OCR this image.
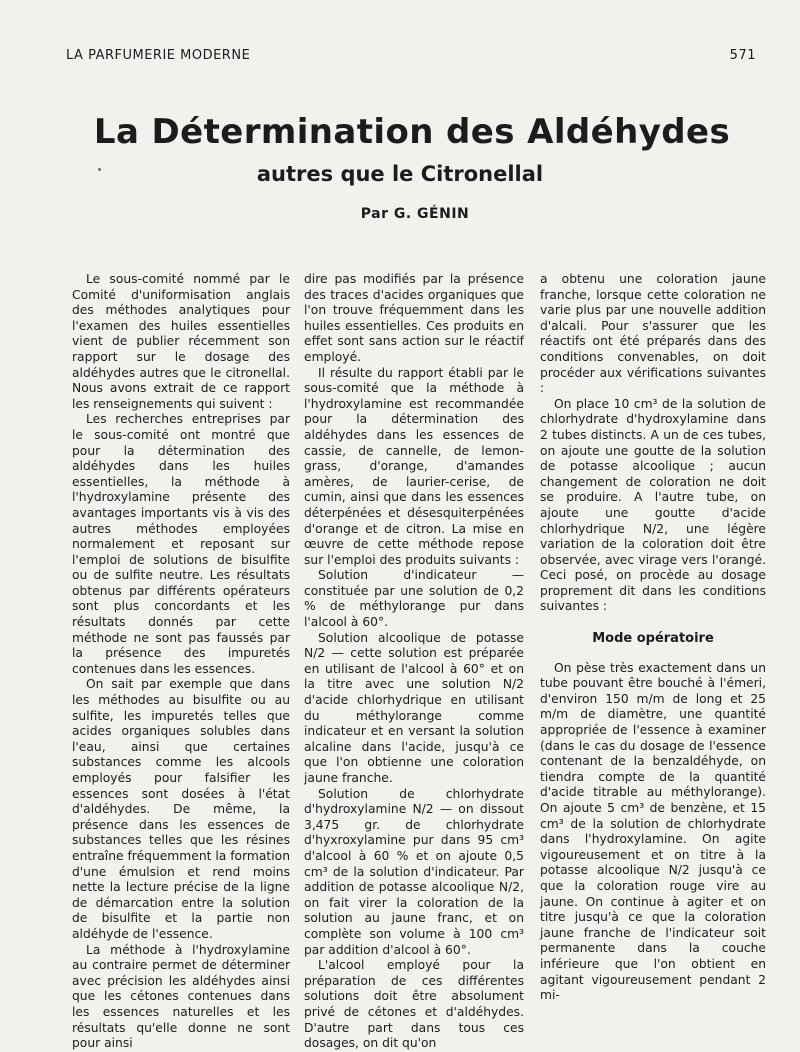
LA PARFUMERIE MODERNE	571
La Détermination des Aldéhydes
autres que le Citronellal
Par G. GÉNIN

Le sous-comité nommé par le Comité d'uniformisation anglais des méthodes analytiques pour l'examen des huiles essentielles vient de publier récemment son rapport sur le dosage des aldéhydes autres que le citronellal. Nous avons extrait de ce rapport les renseignements qui suivent :

Les recherches entreprises par le sous-comité ont montré que pour la détermination des aldéhydes dans les huiles essentielles, la méthode à l'hydroxylamine présente des avantages importants vis à vis des autres méthodes employées normalement et reposant sur l'emploi de solutions de bisulfite ou de sulfite neutre. Les résultats obtenus par différents opérateurs sont plus concordants et les résultats donnés par cette méthode ne sont pas faussés par la présence des impuretés contenues dans les essences.

On sait par exemple que dans les méthodes au bisulfite ou au sulfite, les impuretés telles que acides organiques solubles dans l'eau, ainsi que certaines substances comme les alcools employés pour falsifier les essences sont dosées à l'état d'aldéhydes. De même, la présence dans les essences de substances telles que les résines entraîne fréquemment la formation d'une émulsion et rend moins nette la lecture précise de la ligne de démarcation entre la solution de bisulfite et la partie non aldéhyde de l'essence.

La méthode à l'hydroxylamine au contraire permet de déterminer avec précision les aldéhydes ainsi que les cétones contenues dans les essences naturelles et les résultats qu'elle donne ne sont pour ainsi

dire pas modifiés par la présence des traces d'acides organiques que l'on trouve fréquemment dans les huiles essentielles. Ces produits en effet sont sans action sur le réactif employé.

Il résulte du rapport établi par le sous-comité que la méthode à l'hydroxylamine est recommandée pour la détermination des aldéhydes dans les essences de cassie, de cannelle, de lemon-grass, d'orange, d'amandes amères, de laurier-cerise, de cumin, ainsi que dans les essences déterpénées et désesquiterpénées d'orange et de citron. La mise en œuvre de cette méthode repose sur l'emploi des produits suivants :

Solution d'indicateur — constituée par une solution de 0,2 % de méthylorange pur dans l'alcool à 60°.

Solution alcoolique de potasse N/2 — cette solution est préparée en utilisant de l'alcool à 60° et on la titre avec une solution N/2 d'acide chlorhydrique en utilisant du méthylorange comme indicateur et en versant la solution alcaline dans l'acide, jusqu'à ce que l'on obtienne une coloration jaune franche.

Solution de chlorhydrate d'hydroxylamine N/2 — on dissout 3,475 gr. de chlorhydrate d'hyxroxylamine pur dans 95 cm³ d'alcool à 60 % et on ajoute 0,5 cm³ de la solution d'indicateur. Par addition de potasse alcoolique N/2, on fait virer la coloration de la solution au jaune franc, et on complète son volume à 100 cm³ par addition d'alcool à 60°.

L'alcool employé pour la préparation de ces différentes solutions doit être absolument privé de cétones et d'aldéhydes. D'autre part dans tous ces dosages, on dit qu'on

a obtenu une coloration jaune franche, lorsque cette coloration ne varie plus par une nouvelle addition d'alcali. Pour s'assurer que les réactifs ont été préparés dans des conditions convenables, on doit procéder aux vérifications suivantes :

On place 10 cm³ de la solution de chlorhydrate d'hydroxylamine dans 2 tubes distincts. A un de ces tubes, on ajoute une goutte de la solution de potasse alcoolique ; aucun changement de coloration ne doit se produire. A l'autre tube, on ajoute une goutte d'acide chlorhydrique N/2, une légère variation de la coloration doit être observée, avec virage vers l'orangé. Ceci posé, on procède au dosage proprement dit dans les conditions suivantes :

Mode opératoire

On pèse très exactement dans un tube pouvant être bouché à l'émeri, d'environ 150 m/m de long et 25 m/m de diamètre, une quantité appropriée de l'essence à examiner (dans le cas du dosage de l'essence contenant de la benzaldéhyde, on tiendra compte de la quantité d'acide titrable au méthylorange). On ajoute 5 cm³ de benzène, et 15 cm³ de la solution de chlorhydrate dans l'hydroxylamine. On agite vigoureusement et on titre à la potasse alcoolique N/2 jusqu'à ce que la coloration rouge vire au jaune. On continue à agiter et on titre jusqu'à ce que la coloration jaune franche de l'indicateur soit permanente dans la couche inférieure que l'on obtient en agitant vigoureusement pendant 2 mi-
